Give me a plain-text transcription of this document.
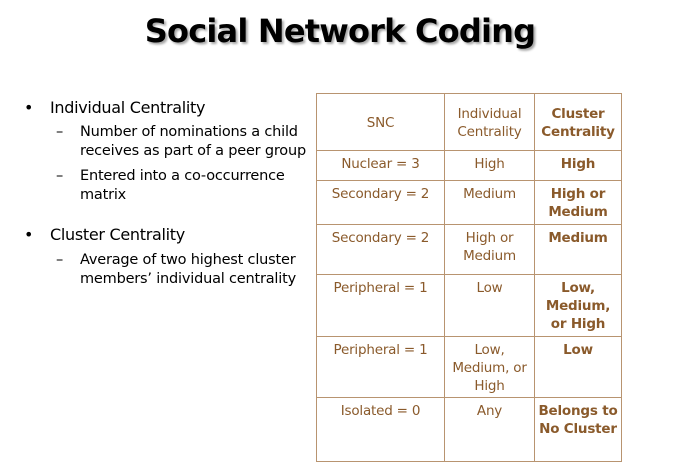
Social Network Coding
• Individual Centrality
– Number of nominations a child receives as part of a peer group
– Entered into a co-occurrence matrix
• Cluster Centrality
– Average of two highest cluster members’ individual centrality
SNC	Individual Centrality	Cluster Centrality
Nuclear = 3	High	High
Secondary = 2	Medium	High or Medium
Secondary = 2	High or Medium	Medium
Peripheral = 1	Low	Low, Medium, or High
Peripheral = 1	Low, Medium, or High	Low
Isolated = 0	Any	Belongs to No Cluster
